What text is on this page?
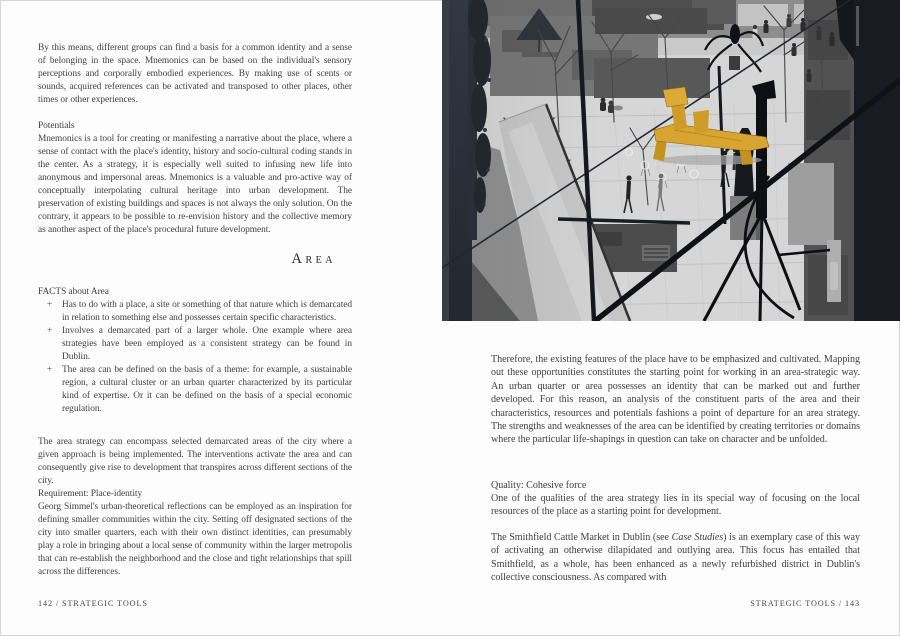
By this means, different groups can find a basis for a common identity and a sense of belonging in the space. Mnemonics can be based on the individual's sensory perceptions and corporally embodied experiences. By making use of scents or sounds, acquired references can be activated and transposed to other places, other times or other experiences.
Potentials
Mnemonics is a tool for creating or manifesting a narrative about the place, where a sense of contact with the place's identity, history and socio-cultural coding stands in the center. As a strategy, it is especially well suited to infusing new life into anonymous and impersonal areas. Mnemonics is a valuable and pro-active way of conceptually interpolating cultural heritage into urban development. The preservation of existing buildings and spaces is not always the only solution. On the contrary, it appears to be possible to re-envision history and the collective memory as another aspect of the place's procedural future development.
Area
FACTS about Area
+ Has to do with a place, a site or something of that nature which is demarcated in relation to something else and possesses certain specific characteristics.
+ Involves a demarcated part of a larger whole. One example where area strategies have been employed as a consistent strategy can be found in Dublin.
+ The area can be defined on the basis of a theme: for example, a sustainable region, a cultural cluster or an urban quarter characterized by its particular kind of expertise. Or it can be defined on the basis of a special economic regulation.
The area strategy can encompass selected demarcated areas of the city where a given approach is being implemented. The interventions activate the area and can consequently give rise to development that transpires across different sections of the city.
Requirement: Place-identity
Georg Simmel's urban-theoretical reflections can be employed as an inspiration for defining smaller communities within the city. Setting off designated sections of the city into smaller quarters, each with their own distinct identities, can presumably play a role in bringing about a local sense of community within the larger metropolis that can re-establish the neighborhood and the close and tight relationships that spill across the differences.
142 / STRATEGIC TOOLS
Therefore, the existing features of the place have to be emphasized and cultivated. Mapping out these opportunities constitutes the starting point for working in an area-strategic way. An urban quarter or area possesses an identity that can be marked out and further developed. For this reason, an analysis of the constituent parts of the area and their characteristics, resources and potentials fashions a point of departure for an area strategy. The strengths and weaknesses of the area can be identified by creating territories or domains where the particular life-shapings in question can take on character and be unfolded.
Quality: Cohesive force
One of the qualities of the area strategy lies in its special way of focusing on the local resources of the place as a starting point for development.
The Smithfield Cattle Market in Dublin (see Case Studies) is an exemplary case of this way of activating an otherwise dilapidated and outlying area. This focus has entailed that Smithfield, as a whole, has been enhanced as a newly refurbished district in Dublin's collective consciousness. As compared with
STRATEGIC TOOLS / 143
